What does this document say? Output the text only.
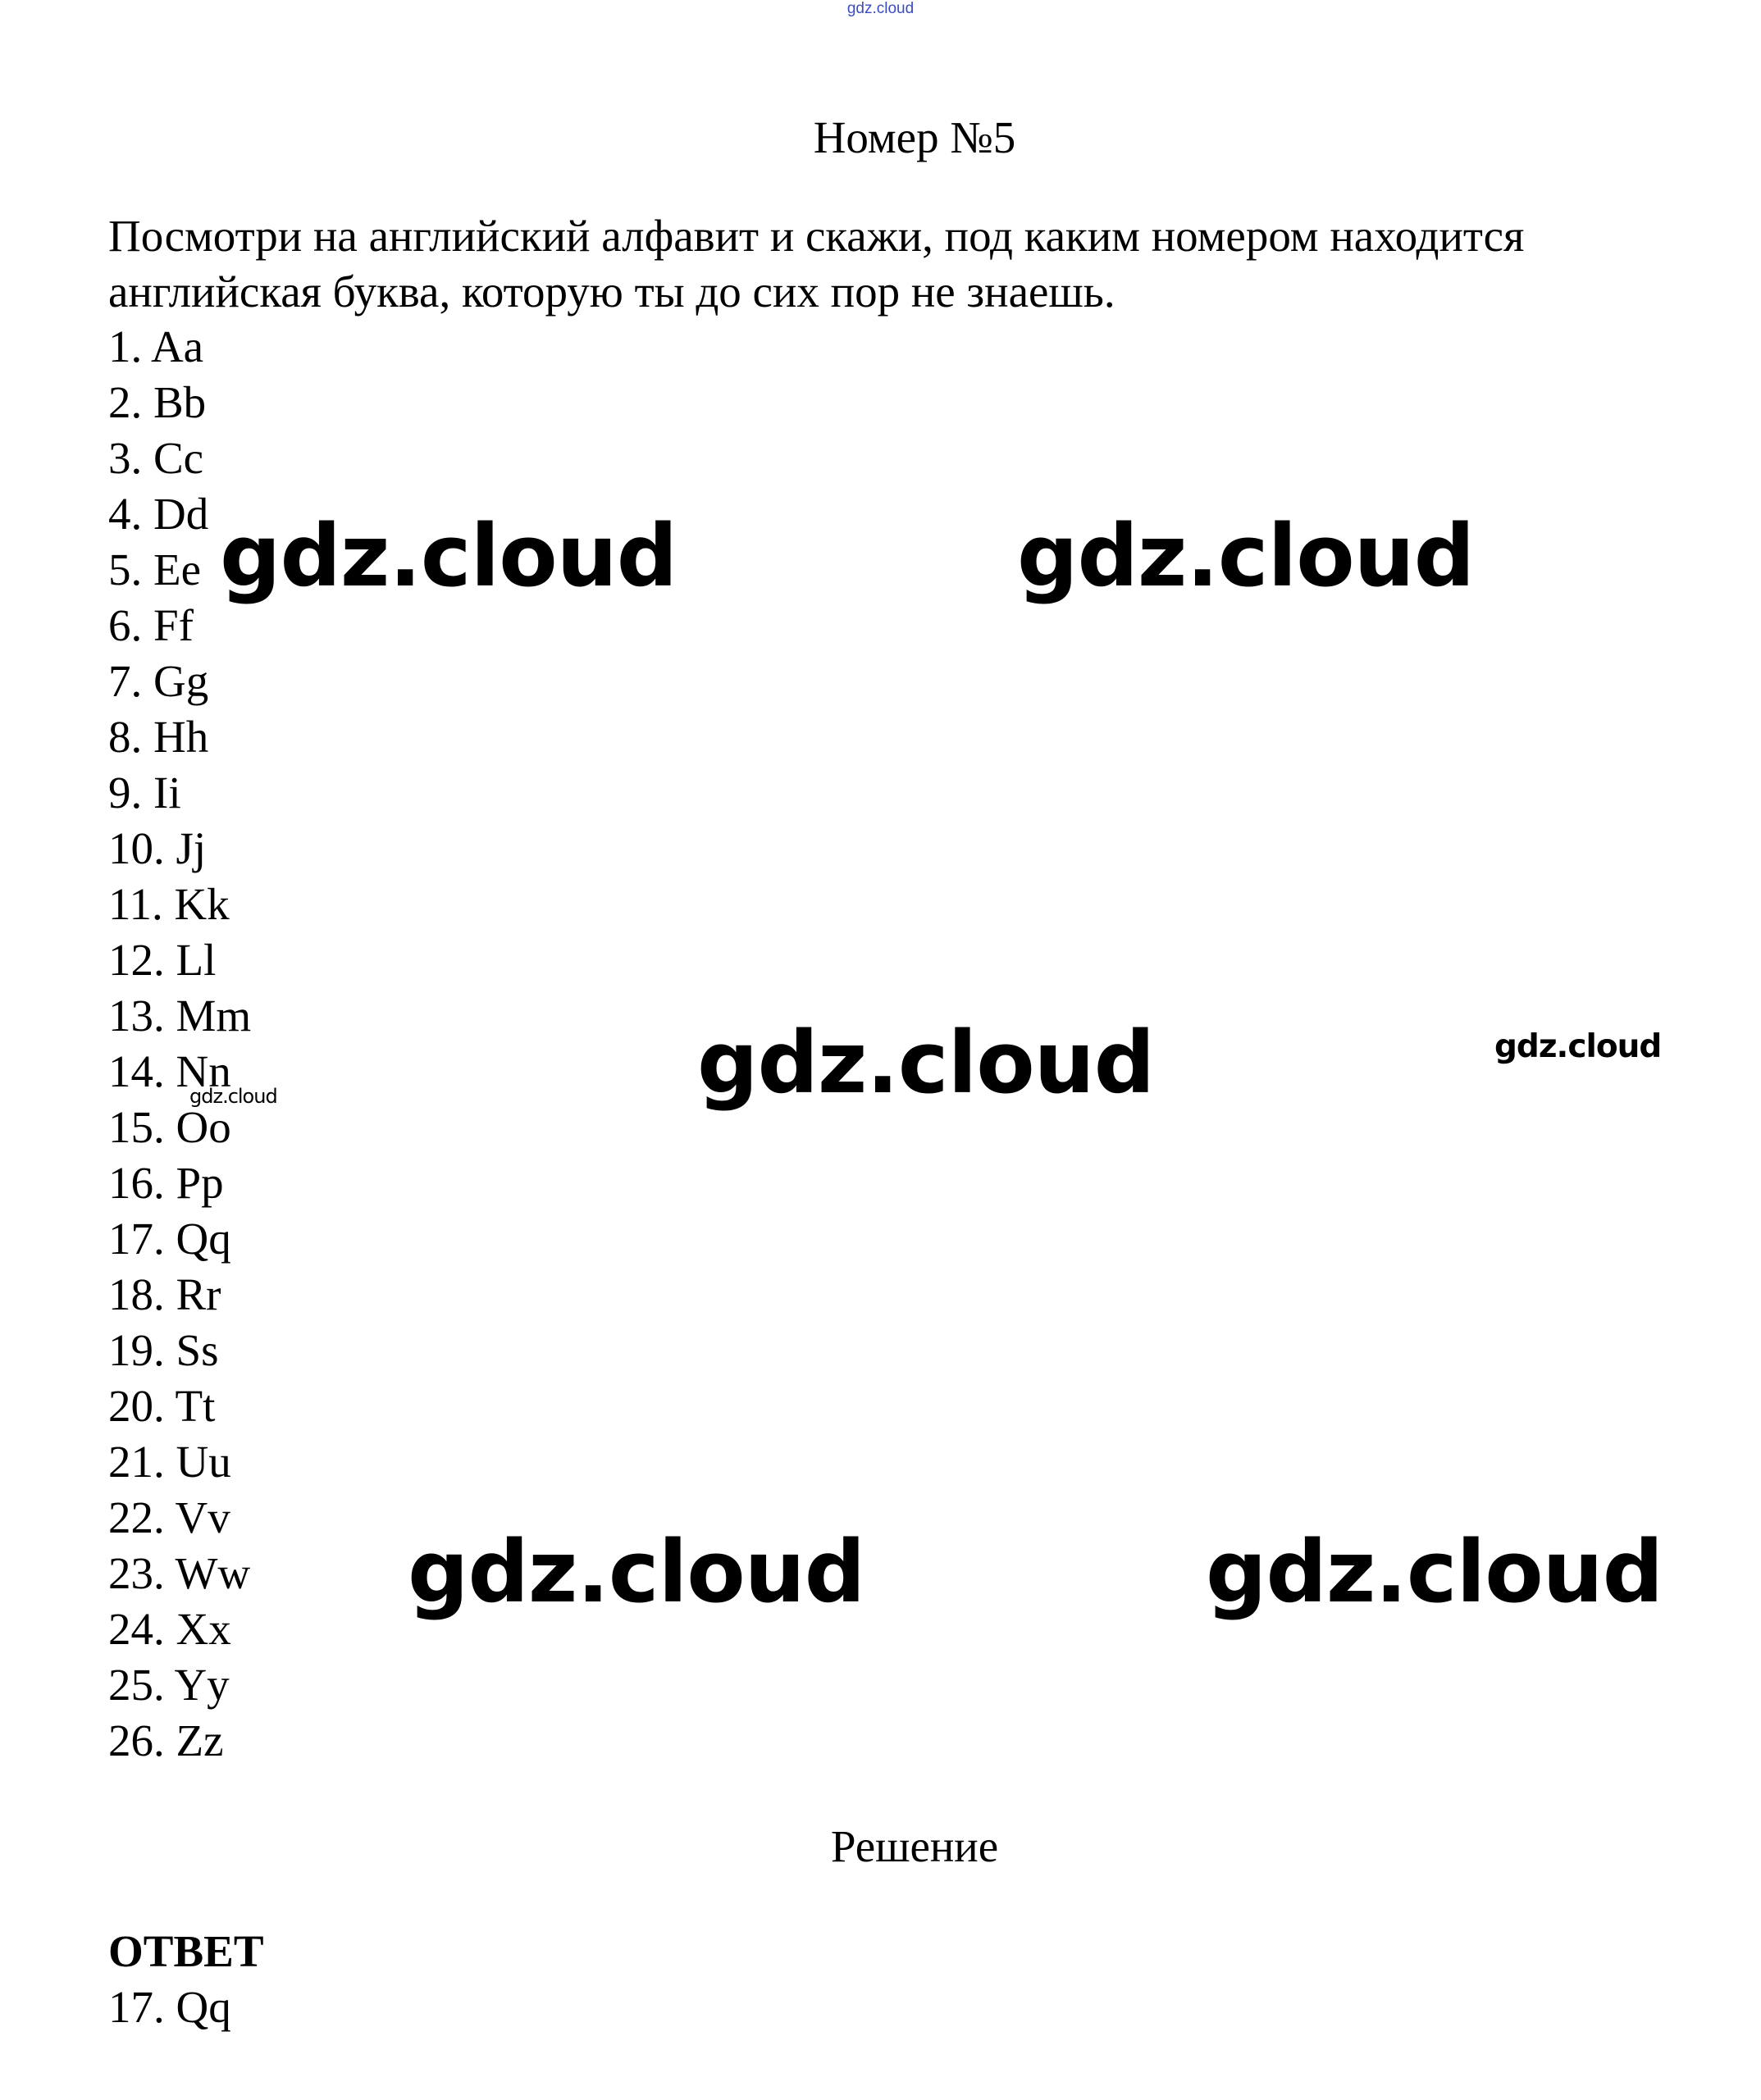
gdz.cloud
Номер №5
Посмотри на английский алфавит и скажи, под каким номером находится английская буква, которую ты до сих пор не знаешь.
1. Aa
2. Bb
3. Cc
4. Dd
5. Ee
6. Ff
7. Gg
8. Hh
9. Ii
10. Jj
11. Kk
12. Ll
13. Mm
14. Nn
15. Oo
16. Pp
17. Qq
18. Rr
19. Ss
20. Tt
21. Uu
22. Vv
23. Ww
24. Xx
25. Yy
26. Zz
Решение
ОТВЕТ
17. Qq
gdz.cloud	gdz.cloud
gdz.cloud	gdz.cloud
gdz.cloud
gdz.cloud	gdz.cloud
